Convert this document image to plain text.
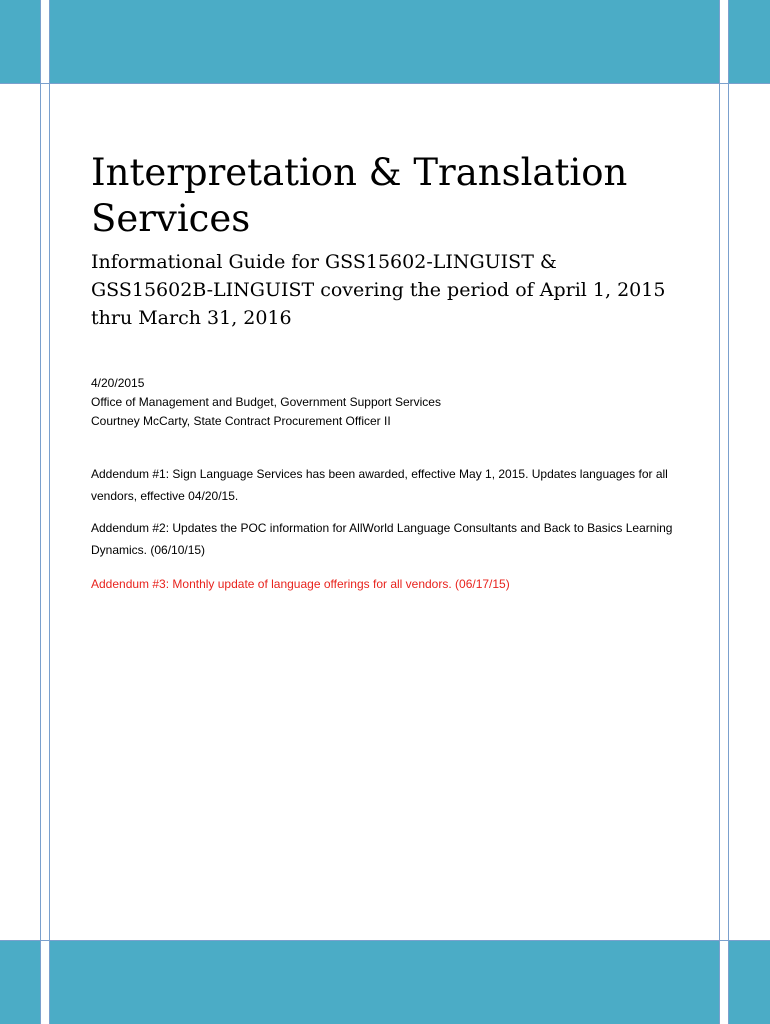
Interpretation & Translation Services

Informational Guide for GSS15602-LINGUIST & GSS15602B-LINGUIST covering the period of April 1, 2015 thru March 31, 2016

4/20/2015
Office of Management and Budget, Government Support Services
Courtney McCarty, State Contract Procurement Officer II

Addendum #1: Sign Language Services has been awarded, effective May 1, 2015. Updates languages for all vendors, effective 04/20/15.

Addendum #2: Updates the POC information for AllWorld Language Consultants and Back to Basics Learning Dynamics. (06/10/15)

Addendum #3: Monthly update of language offerings for all vendors. (06/17/15)
